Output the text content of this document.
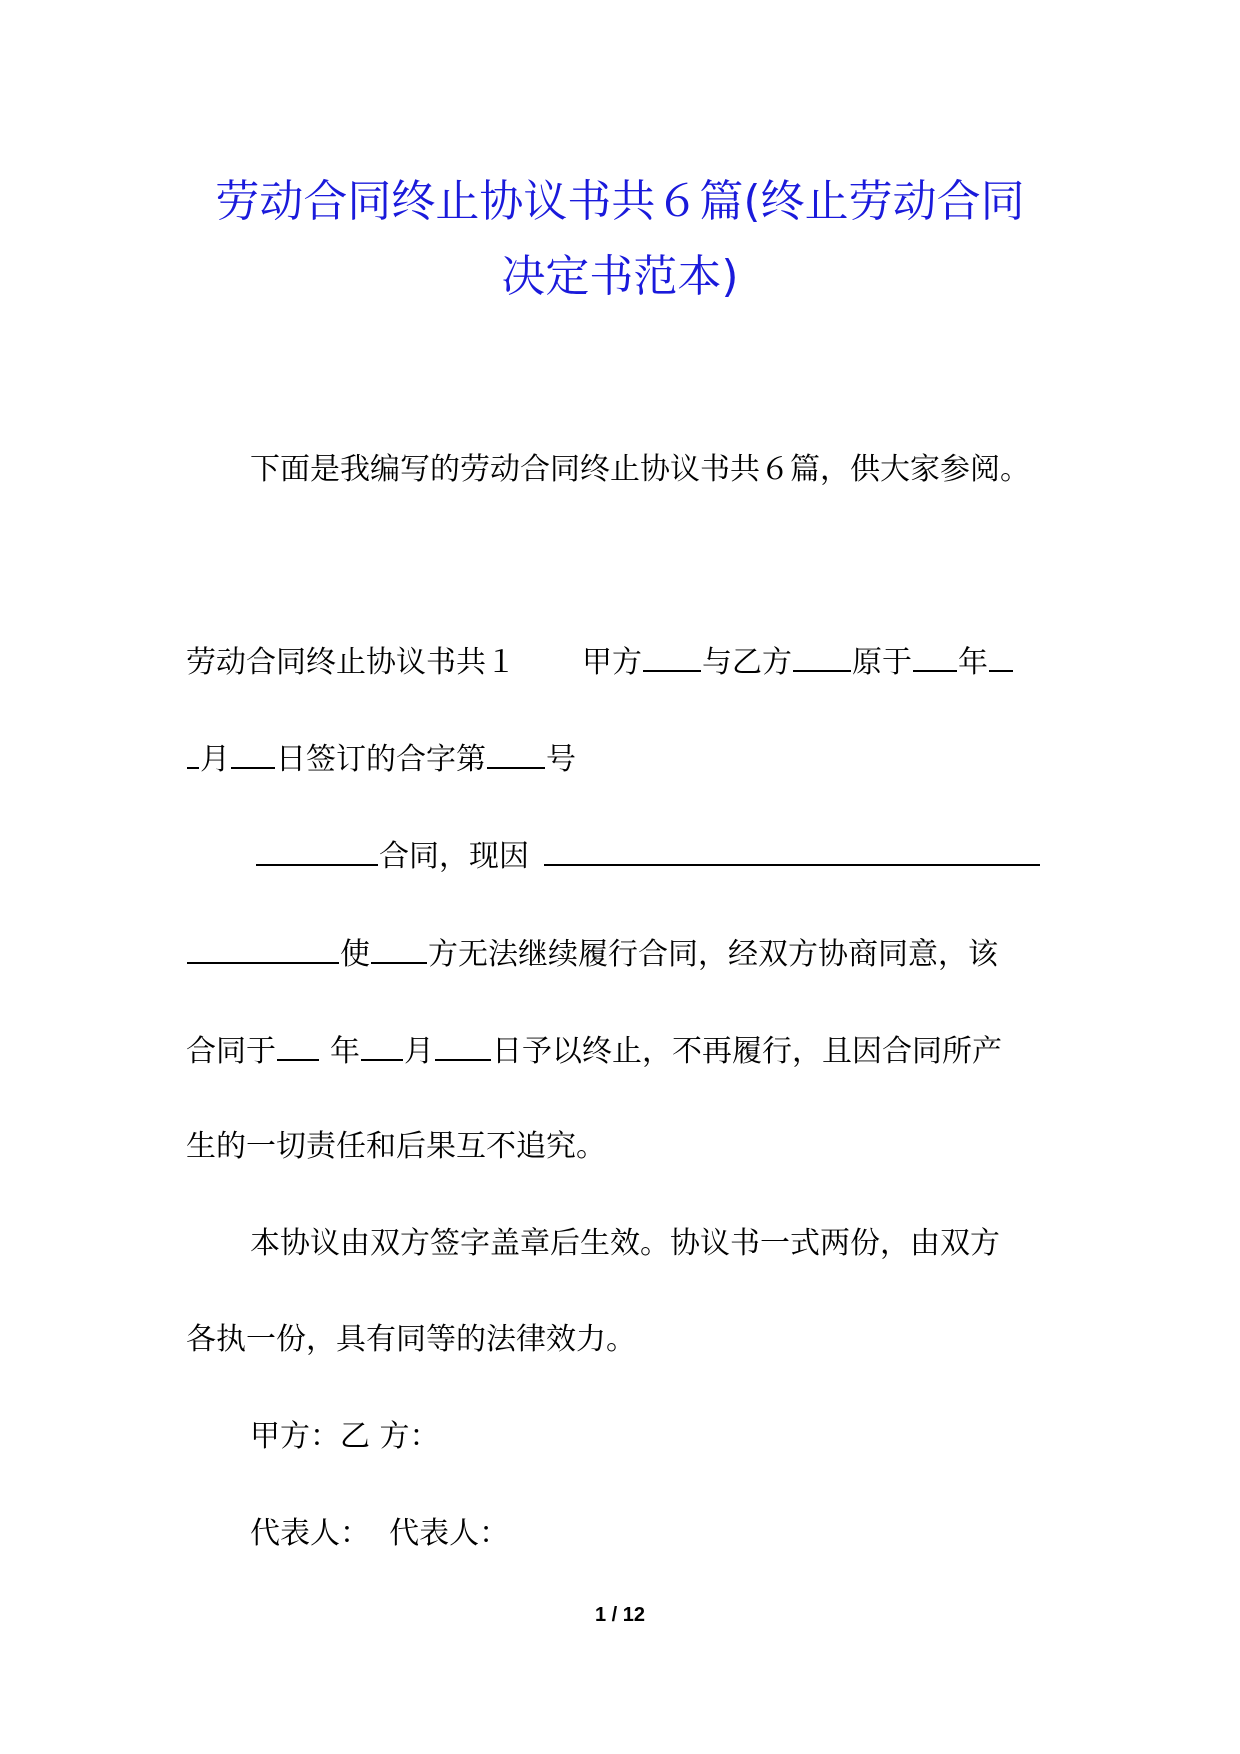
劳动合同终止协议书共６篇(终止劳动合同
决定书范本)
下面是我编写的劳动合同终止协议书共６篇，供大家参阅。
劳动合同终止协议书共１ 甲方 与乙方 原于 年
月 日签订的合字第 号
合同，现因
使 方无法继续履行合同，经双方协商同意，该
合同于 年 月 日予以终止，不再履行，且因合同所产
生的一切责任和后果互不追究。
本协议由双方签字盖章后生效。协议书一式两份，由双方
各执一份，具有同等的法律效力。
甲方：乙 方：
代表人：  代表人：
1 / 12
